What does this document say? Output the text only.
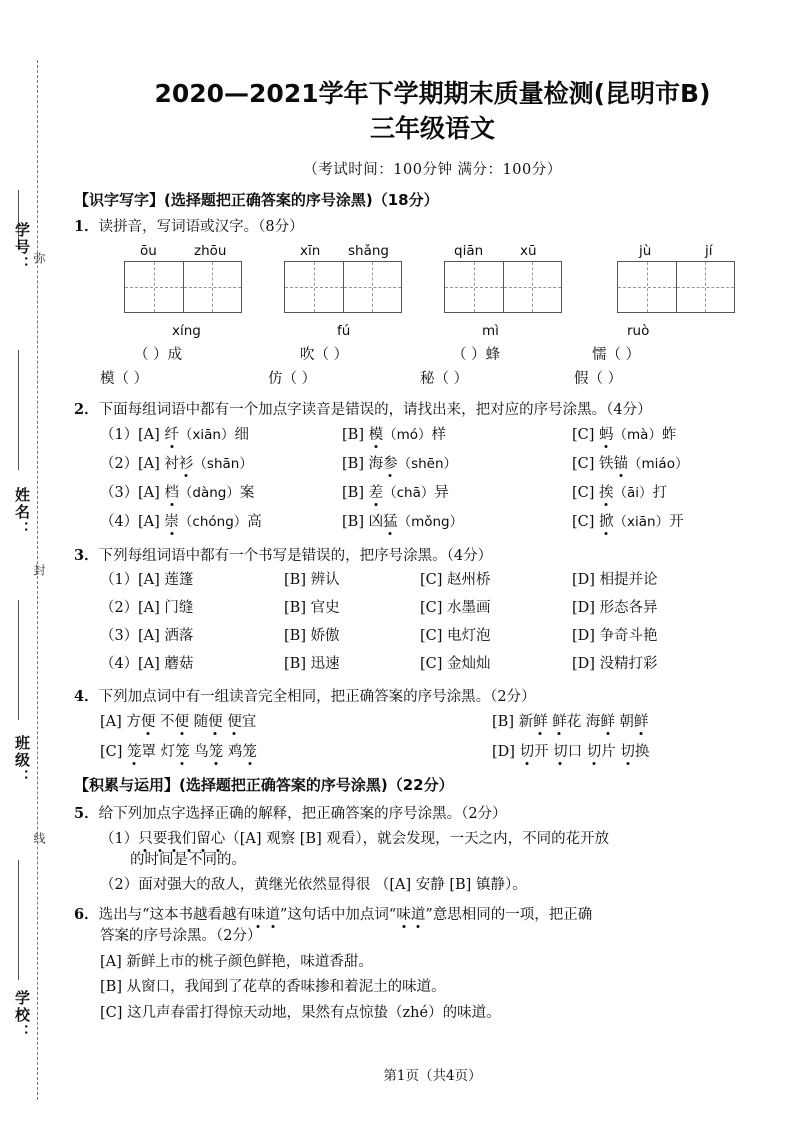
学号：
姓名：
班级：
学校：
弥
封
线
2020—2021学年下学期期末质量检测(昆明市B)
三年级语文
（考试时间：100分钟 满分：100分）
【识字写字】(选择题把正确答案的序号涂黑)（18分）
1．读拼音，写词语或汉字。（8分）
ōu	zhōu	xīn shǎng	qiān	xū	jù	jí
xíng	fú	mì	ruò
（ ）成	吹（ ）	（ ）蜂	懦（ ）
模（ ）	仿（ ）	秘（ ）	假（ ）
2．下面每组词语中都有一个加点字读音是错误的，请找出来，把对应的序号涂黑。（4分）
（1） [A] 纤（xiān）细	[B] 模（mó）样	[C] 蚂（mà）蚱
（2） [A] 衬衫（shān）	[B] 海参（shēn）	[C] 铁锚（miáo）
（3） [A] 档（dàng）案	[B] 差（chā）异	[C] 挨（āi）打
（4） [A] 崇（chóng）高	[B] 凶猛（mǒng）	[C] 掀（xiān）开
3．下列每组词语中都有一个书写是错误的，把序号涂黑。（4分）
（1） [A] 莲篷	[B] 辨认	[C] 赵州桥	[D] 相提并论
（2） [A] 门缝	[B] 官史	[C] 水墨画	[D] 形态各异
（3） [A] 洒落	[B] 娇傲	[C] 电灯泡	[D] 争奇斗艳
（4） [A] 蘑菇	[B] 迅速	[C] 金灿灿	[D] 没精打彩
4．下列加点词中有一组读音完全相同，把正确答案的序号涂黑。（2分）
[A] 方便 不便 随便 便宜	[B] 新鲜 鲜花 海鲜 朝鲜
[C] 笼罩 灯笼 鸟笼 鸡笼	[D] 切开 切口 切片 切换
【积累与运用】(选择题把正确答案的序号涂黑)（22分）
5．给下列加点字选择正确的解释，把正确答案的序号涂黑。（2分）
（1）只要我们留心（[A] 观察 [B] 观看），就会发现，一天之内，不同的花开放
的时间是不同的。
（2）面对强大的敌人，黄继光依然显得很 （[A] 安静 [B] 镇静）。
6．选出与“这本书越看越有味道”这句话中加点词“味道”意思相同的一项，把正确
答案的序号涂黑。（2分）
[A] 新鲜上市的桃子颜色鲜艳，味道香甜。
[B] 从窗口，我闻到了花草的香味掺和着泥土的味道。
[C] 这几声春雷打得惊天动地，果然有点惊蛰（zhé）的味道。
第1页（共4页）
